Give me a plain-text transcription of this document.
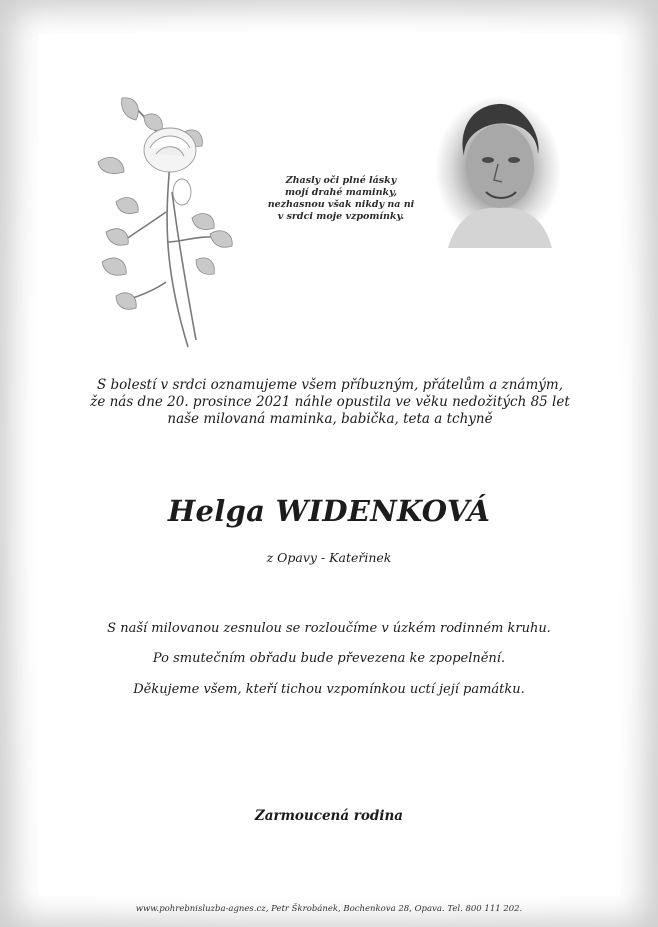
Zhasly oči plné lásky
mojí drahé maminky,
nezhasnou však nikdy na ni
v srdci moje vzpomínky.
S bolestí v srdci oznamujeme všem příbuzným, přátelům a známým,
že nás dne 20. prosince 2021 náhle opustila ve věku nedožitých 85 let
naše milovaná maminka, babička, teta a tchyně
Helga WIDENKOVÁ
z Opavy - Kateřinek
S naší milovanou zesnulou se rozloučíme v úzkém rodinném kruhu.
Po smutečním obřadu bude převezena ke zpopelnění.
Děkujeme všem, kteří tichou vzpomínkou uctí její památku.
Zarmoucená rodina
www.pohrebnisluzba-agnes.cz, Petr Škrobánek, Bochenkova 28, Opava. Tel. 800 111 202.
